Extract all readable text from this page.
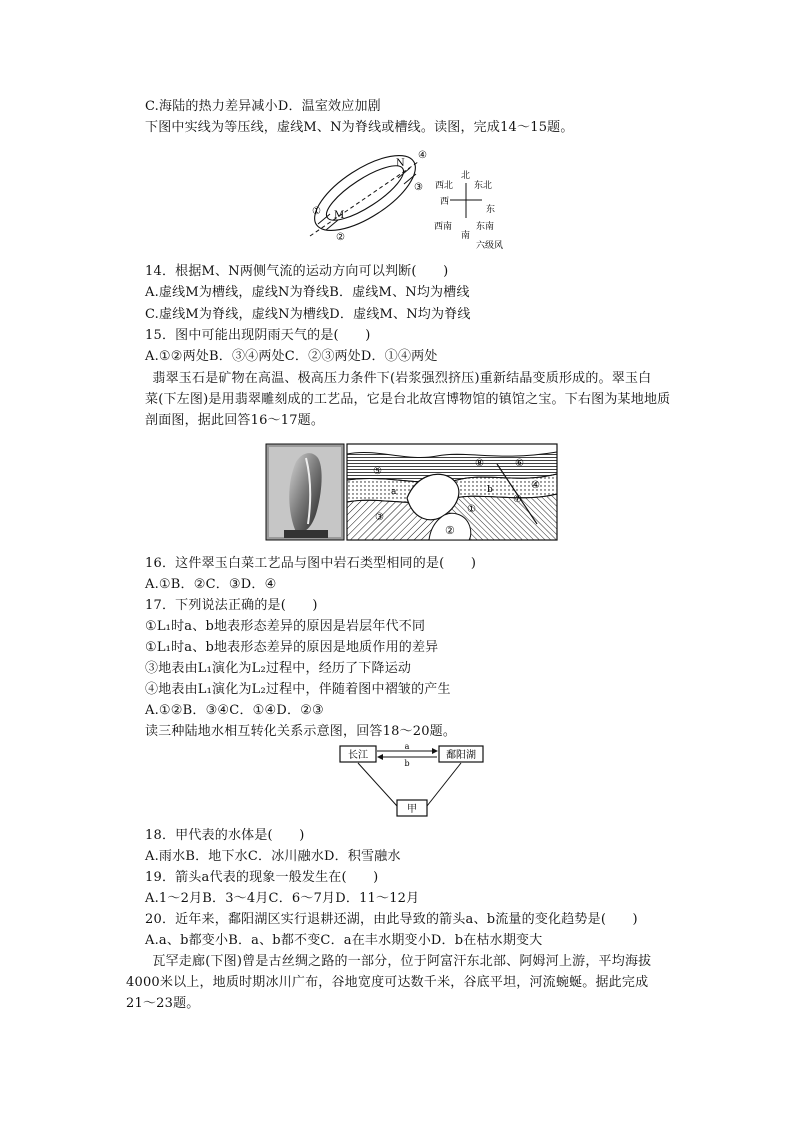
C.海陆的热力差异减小D．温室效应加剧
下图中实线为等压线，虚线M、N为脊线或槽线。读图，完成14～15题。
M
N
①
②
③
④
北
东北
东
东南
南
西南
西
西北
六级风
14．根据M、N两侧气流的运动方向可以判断(　　)
A.虚线M为槽线，虚线N为脊线B．虚线M、N均为槽线
C.虚线M为脊线，虚线N为槽线D．虚线M、N均为脊线
15．图中可能出现阴雨天气的是(　　)
A.①②两处B．③④两处C．②③两处D．①④两处
　　翡翠玉石是矿物在高温、极高压力条件下(岩浆强烈挤压)重新结晶变质形成的。翠玉白
菜(下左图)是用翡翠雕刻成的工艺品，它是台北故宫博物馆的镇馆之宝。下右图为某地地质
剖面图，据此回答16～17题。
⑤
⑧	⑥
④
⑦
①
③
②
a	b
16．这件翠玉白菜工艺品与图中岩石类型相同的是(　　)
A.①B．②C．③D．④
17．下列说法正确的是(　　)
①L₁时a、b地表形态差异的原因是岩层年代不同
①L₁时a、b地表形态差异的原因是地质作用的差异
③地表由L₁演化为L₂过程中，经历了下降运动
④地表由L₁演化为L₂过程中，伴随着图中褶皱的产生
A.①②B．③④C．①④D．②③
读三种陆地水相互转化关系示意图，回答18～20题。
长江	鄱阳湖
甲
a
b
18．甲代表的水体是(　　)
A.雨水B．地下水C．冰川融水D．积雪融水
19．箭头a代表的现象一般发生在(　　)
A.1～2月B．3～4月C．6～7月D．11～12月
20．近年来，鄱阳湖区实行退耕还湖，由此导致的箭头a、b流量的变化趋势是(　　)
A.a、b都变小B．a、b都不变C．a在丰水期变小D．b在枯水期变大
　　瓦罕走廊(下图)曾是古丝绸之路的一部分，位于阿富汗东北部、阿姆河上游，平均海拔
4000米以上，地质时期冰川广布，谷地宽度可达数千米，谷底平坦，河流蜿蜒。据此完成
21～23题。
